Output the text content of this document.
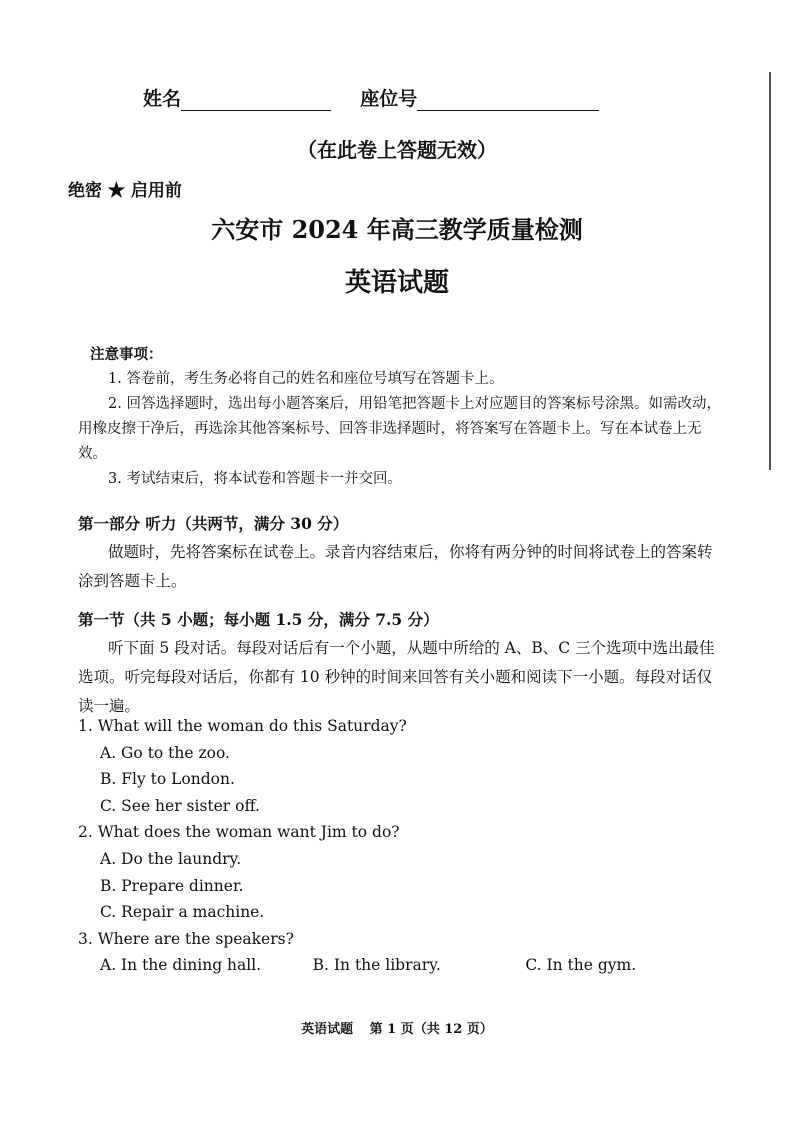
姓名	座位号
（在此卷上答题无效）
绝密 ★ 启用前
六安市 2024 年高三教学质量检测
英语试题

注意事项：

1. 答卷前，考生务必将自己的姓名和座位号填写在答题卡上。

2. 回答选择题时，选出每小题答案后，用铅笔把答题卡上对应题目的答案标号涂黑。如需改动，用橡皮擦干净后，再选涂其他答案标号、回答非选择题时，将答案写在答题卡上。写在本试卷上无效。

3. 考试结束后，将本试卷和答题卡一并交回。

第一部分 听力（共两节，满分 30 分）

做题时，先将答案标在试卷上。录音内容结束后，你将有两分钟的时间将试卷上的答案转涂到答题卡上。

第一节（共 5 小题；每小题 1.5 分，满分 7.5 分）

听下面 5 段对话。每段对话后有一个小题，从题中所给的 A、B、C 三个选项中选出最佳选项。听完每段对话后，你都有 10 秒钟的时间来回答有关小题和阅读下一小题。每段对话仅读一遍。

1. What will the woman do this Saturday?
A. Go to the zoo.
B. Fly to London.
C. See her sister off.
2. What does the woman want Jim to do?
A. Do the laundry.
B. Prepare dinner.
C. Repair a machine.
3. Where are the speakers?
A. In the dining hall.	B. In the library.	C. In the gym.
英语试题 第 1 页（共 12 页）
